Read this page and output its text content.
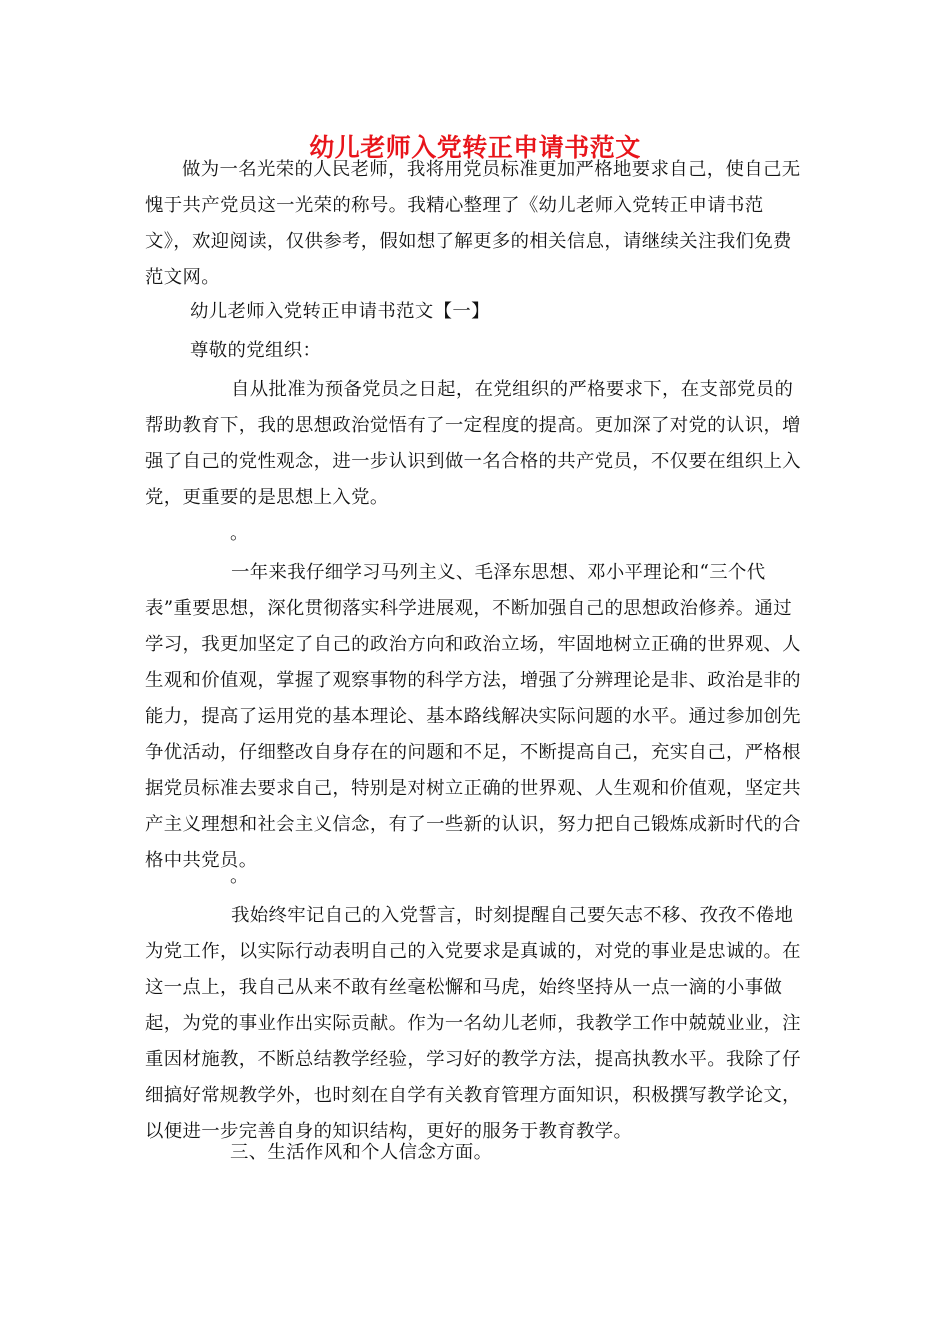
幼儿老师入党转正申请书范文

做为一名光荣的人民老师，我将用党员标准更加严格地要求自己，使自己无愧于共产党员这一光荣的称号。我精心整理了《幼儿老师入党转正申请书范文》，欢迎阅读，仅供参考，假如想了解更多的相关信息，请继续关注我们免费范文网。

幼儿老师入党转正申请书范文【一】

尊敬的党组织：

自从批准为预备党员之日起，在党组织的严格要求下，在支部党员的帮助教育下，我的思想政治觉悟有了一定程度的提高。更加深了对党的认识，增强了自己的党性观念，进一步认识到做一名合格的共产党员，不仅要在组织上入党，更重要的是思想上入党。

。

一年来我仔细学习马列主义、毛泽东思想、邓小平理论和“三个代表”重要思想，深化贯彻落实科学进展观，不断加强自己的思想政治修养。通过学习，我更加坚定了自己的政治方向和政治立场，牢固地树立正确的世界观、人生观和价值观，掌握了观察事物的科学方法，增强了分辨理论是非、政治是非的能力，提高了运用党的基本理论、基本路线解决实际问题的水平。通过参加创先争优活动，仔细整改自身存在的问题和不足，不断提高自己，充实自己，严格根据党员标准去要求自己，特别是对树立正确的世界观、人生观和价值观，坚定共产主义理想和社会主义信念，有了一些新的认识，努力把自己锻炼成新时代的合格中共党员。

。

我始终牢记自己的入党誓言，时刻提醒自己要矢志不移、孜孜不倦地为党工作，以实际行动表明自己的入党要求是真诚的，对党的事业是忠诚的。在这一点上，我自己从来不敢有丝毫松懈和马虎，始终坚持从一点一滴的小事做起，为党的事业作出实际贡献。作为一名幼儿老师，我教学工作中兢兢业业，注重因材施教，不断总结教学经验，学习好的教学方法，提高执教水平。我除了仔细搞好常规教学外，也时刻在自学有关教育管理方面知识，积极撰写教学论文，以便进一步完善自身的知识结构，更好的服务于教育教学。

三、生活作风和个人信念方面。
